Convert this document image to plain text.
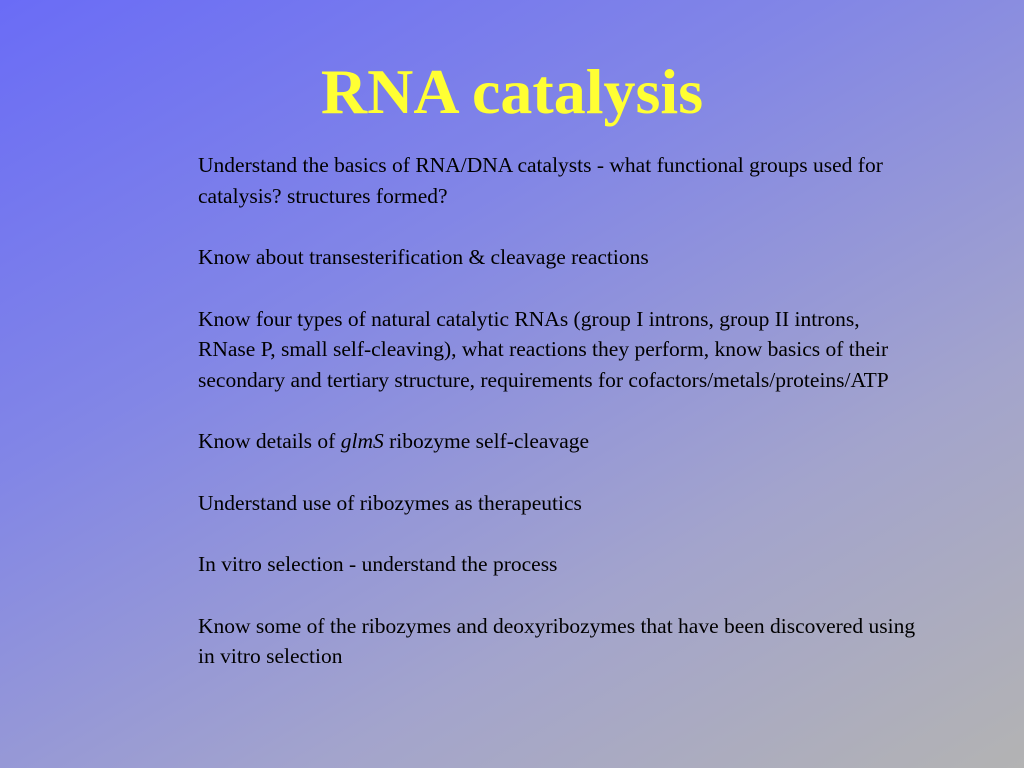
RNA catalysis

Understand the basics of RNA/DNA catalysts - what functional groups used for catalysis? structures formed?

Know about transesterification & cleavage reactions

Know four types of natural catalytic RNAs (group I introns, group II introns, RNase P, small self-cleaving), what reactions they perform, know basics of their secondary and tertiary structure, requirements for cofactors/metals/proteins/ATP

Know details of glmS ribozyme self-cleavage

Understand use of ribozymes as therapeutics

In vitro selection - understand the process

Know some of the ribozymes and deoxyribozymes that have been discovered using in vitro selection
